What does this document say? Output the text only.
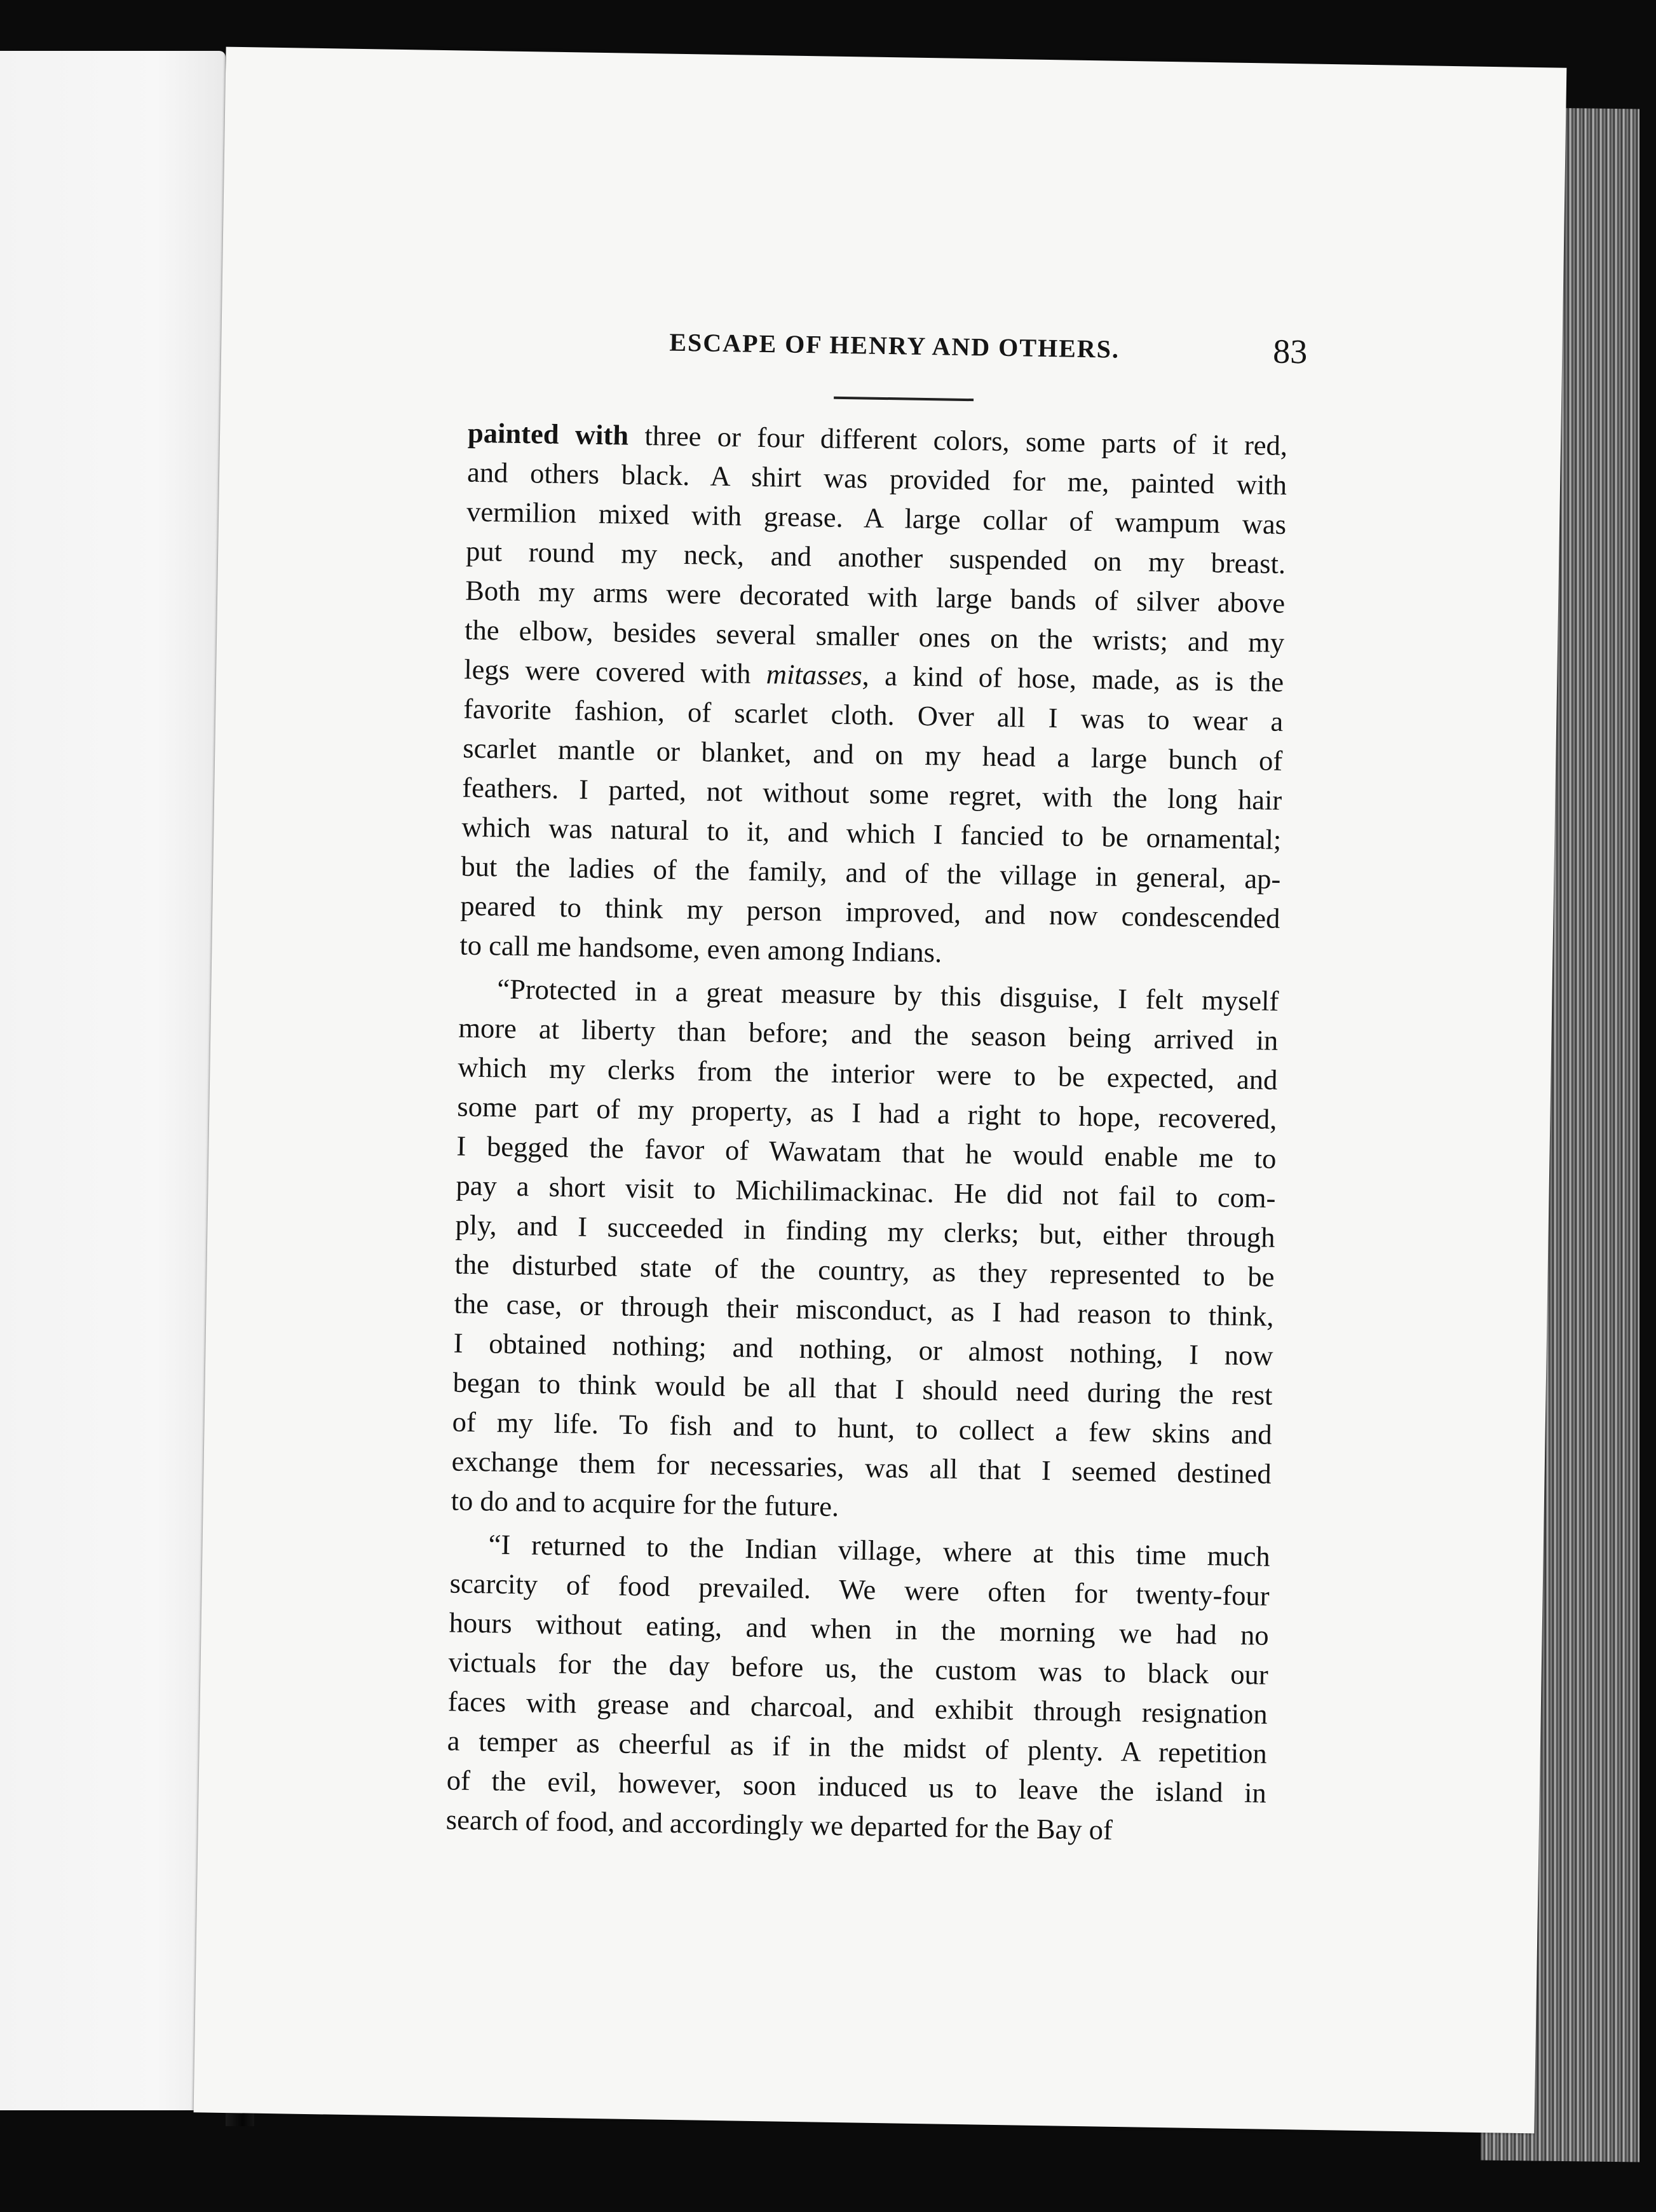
ESCAPE OF HENRY AND OTHERS.	83
painted with three or four different colors, some parts of it red,
and others black. A shirt was provided for me, painted with
vermilion mixed with grease. A large collar of wampum was
put round my neck, and another suspended on my breast.
Both my arms were decorated with large bands of silver above
the elbow, besides several smaller ones on the wrists; and my
legs were covered with mitasses, a kind of hose, made, as is the
favorite fashion, of scarlet cloth. Over all I was to wear a
scarlet mantle or blanket, and on my head a large bunch of
feathers. I parted, not without some regret, with the long hair
which was natural to it, and which I fancied to be ornamental;
but the ladies of the family, and of the village in general, ap-
peared to think my person improved, and now condescended
to call me handsome, even among Indians.
“Protected in a great measure by this disguise, I felt myself
more at liberty than before; and the season being arrived in
which my clerks from the interior were to be expected, and
some part of my property, as I had a right to hope, recovered,
I begged the favor of Wawatam that he would enable me to
pay a short visit to Michilimackinac. He did not fail to com-
ply, and I succeeded in finding my clerks; but, either through
the disturbed state of the country, as they represented to be
the case, or through their misconduct, as I had reason to think,
I obtained nothing; and nothing, or almost nothing, I now
began to think would be all that I should need during the rest
of my life. To fish and to hunt, to collect a few skins and
exchange them for necessaries, was all that I seemed destined
to do and to acquire for the future.
“I returned to the Indian village, where at this time much
scarcity of food prevailed. We were often for twenty-four
hours without eating, and when in the morning we had no
victuals for the day before us, the custom was to black our
faces with grease and charcoal, and exhibit through resignation
a temper as cheerful as if in the midst of plenty. A repetition
of the evil, however, soon induced us to leave the island in
search of food, and accordingly we departed for the Bay of
